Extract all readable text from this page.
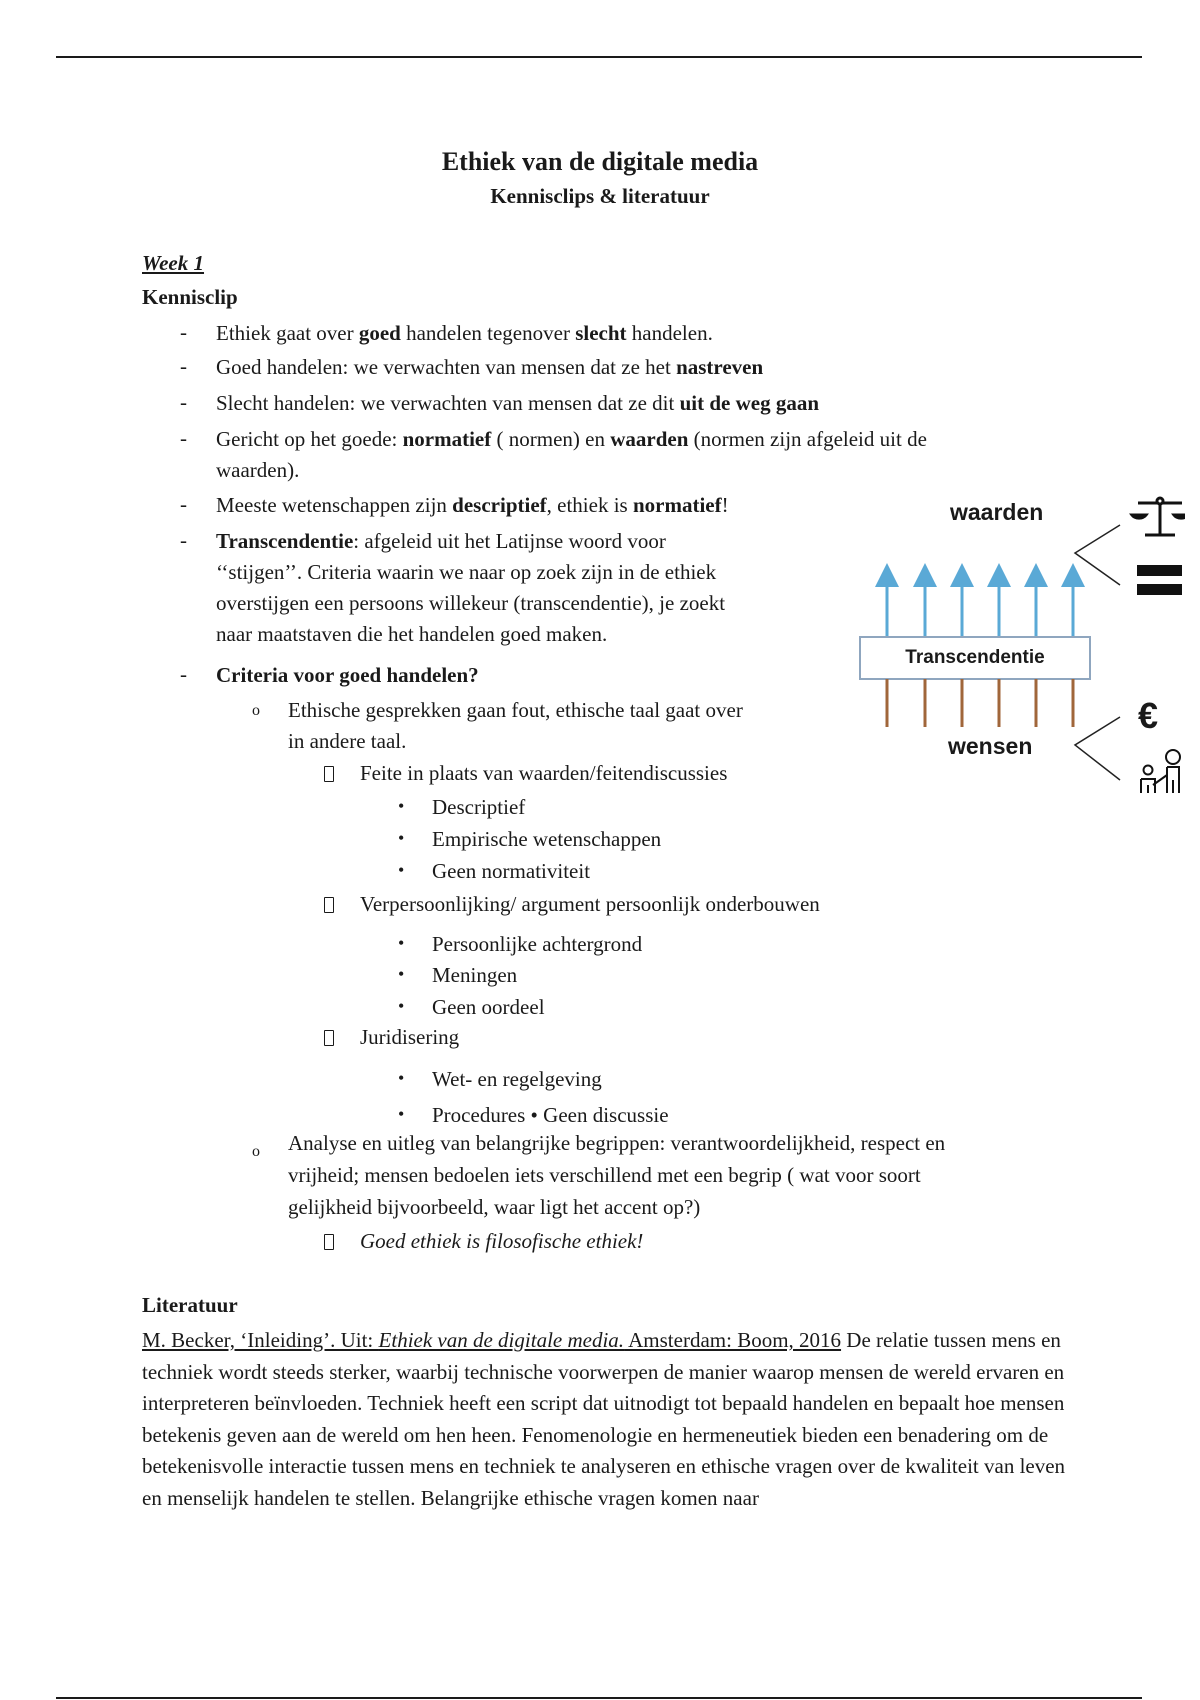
Ethiek van de digitale media
Kennisclips & literatuur
Week 1
Kennisclip
- Ethiek gaat over goed handelen tegenover slecht handelen.
- Goed handelen: we verwachten van mensen dat ze het nastreven
- Slecht handelen: we verwachten van mensen dat ze dit uit de weg gaan
- Gericht op het goede: normatief ( normen) en waarden (normen zijn afgeleid uit de
waarden).
- Meeste wetenschappen zijn descriptief, ethiek is normatief!
- Transcendentie: afgeleid uit het Latijnse woord voor
‘‘stijgen’’. Criteria waarin we naar op zoek zijn in de ethiek
overstijgen een persoons willekeur (transcendentie), je zoekt
naar maatstaven die het handelen goed maken.
- Criteria voor goed handelen?
o Ethische gesprekken gaan fout, ethische taal gaat over
in andere taal.
Feite in plaats van waarden/feitendiscussies
• Descriptief
• Empirische wetenschappen
• Geen normativiteit
Verpersoonlijking/ argument persoonlijk onderbouwen
• Persoonlijke achtergrond
• Meningen
• Geen oordeel
Juridisering
• Wet- en regelgeving
• Procedures • Geen discussie
o Analyse en uitleg van belangrijke begrippen: verantwoordelijkheid, respect en
vrijheid; mensen bedoelen iets verschillend met een begrip ( wat voor soort
gelijkheid bijvoorbeeld, waar ligt het accent op?)
Goed ethiek is filosofische ethiek!
waarden
Transcendentie
wensen
€
Literatuur
M. Becker, ‘Inleiding’. Uit: Ethiek van de digitale media. Amsterdam: Boom, 2016 De relatie tussen mens en techniek wordt steeds sterker, waarbij technische voorwerpen de manier waarop mensen de wereld ervaren en interpreteren beïnvloeden. Techniek heeft een script dat uitnodigt tot bepaald handelen en bepaalt hoe mensen betekenis geven aan de wereld om hen heen. Fenomenologie en hermeneutiek bieden een benadering om de betekenisvolle interactie tussen mens en techniek te analyseren en ethische vragen over de kwaliteit van leven en menselijk handelen te stellen. Belangrijke ethische vragen komen naar
